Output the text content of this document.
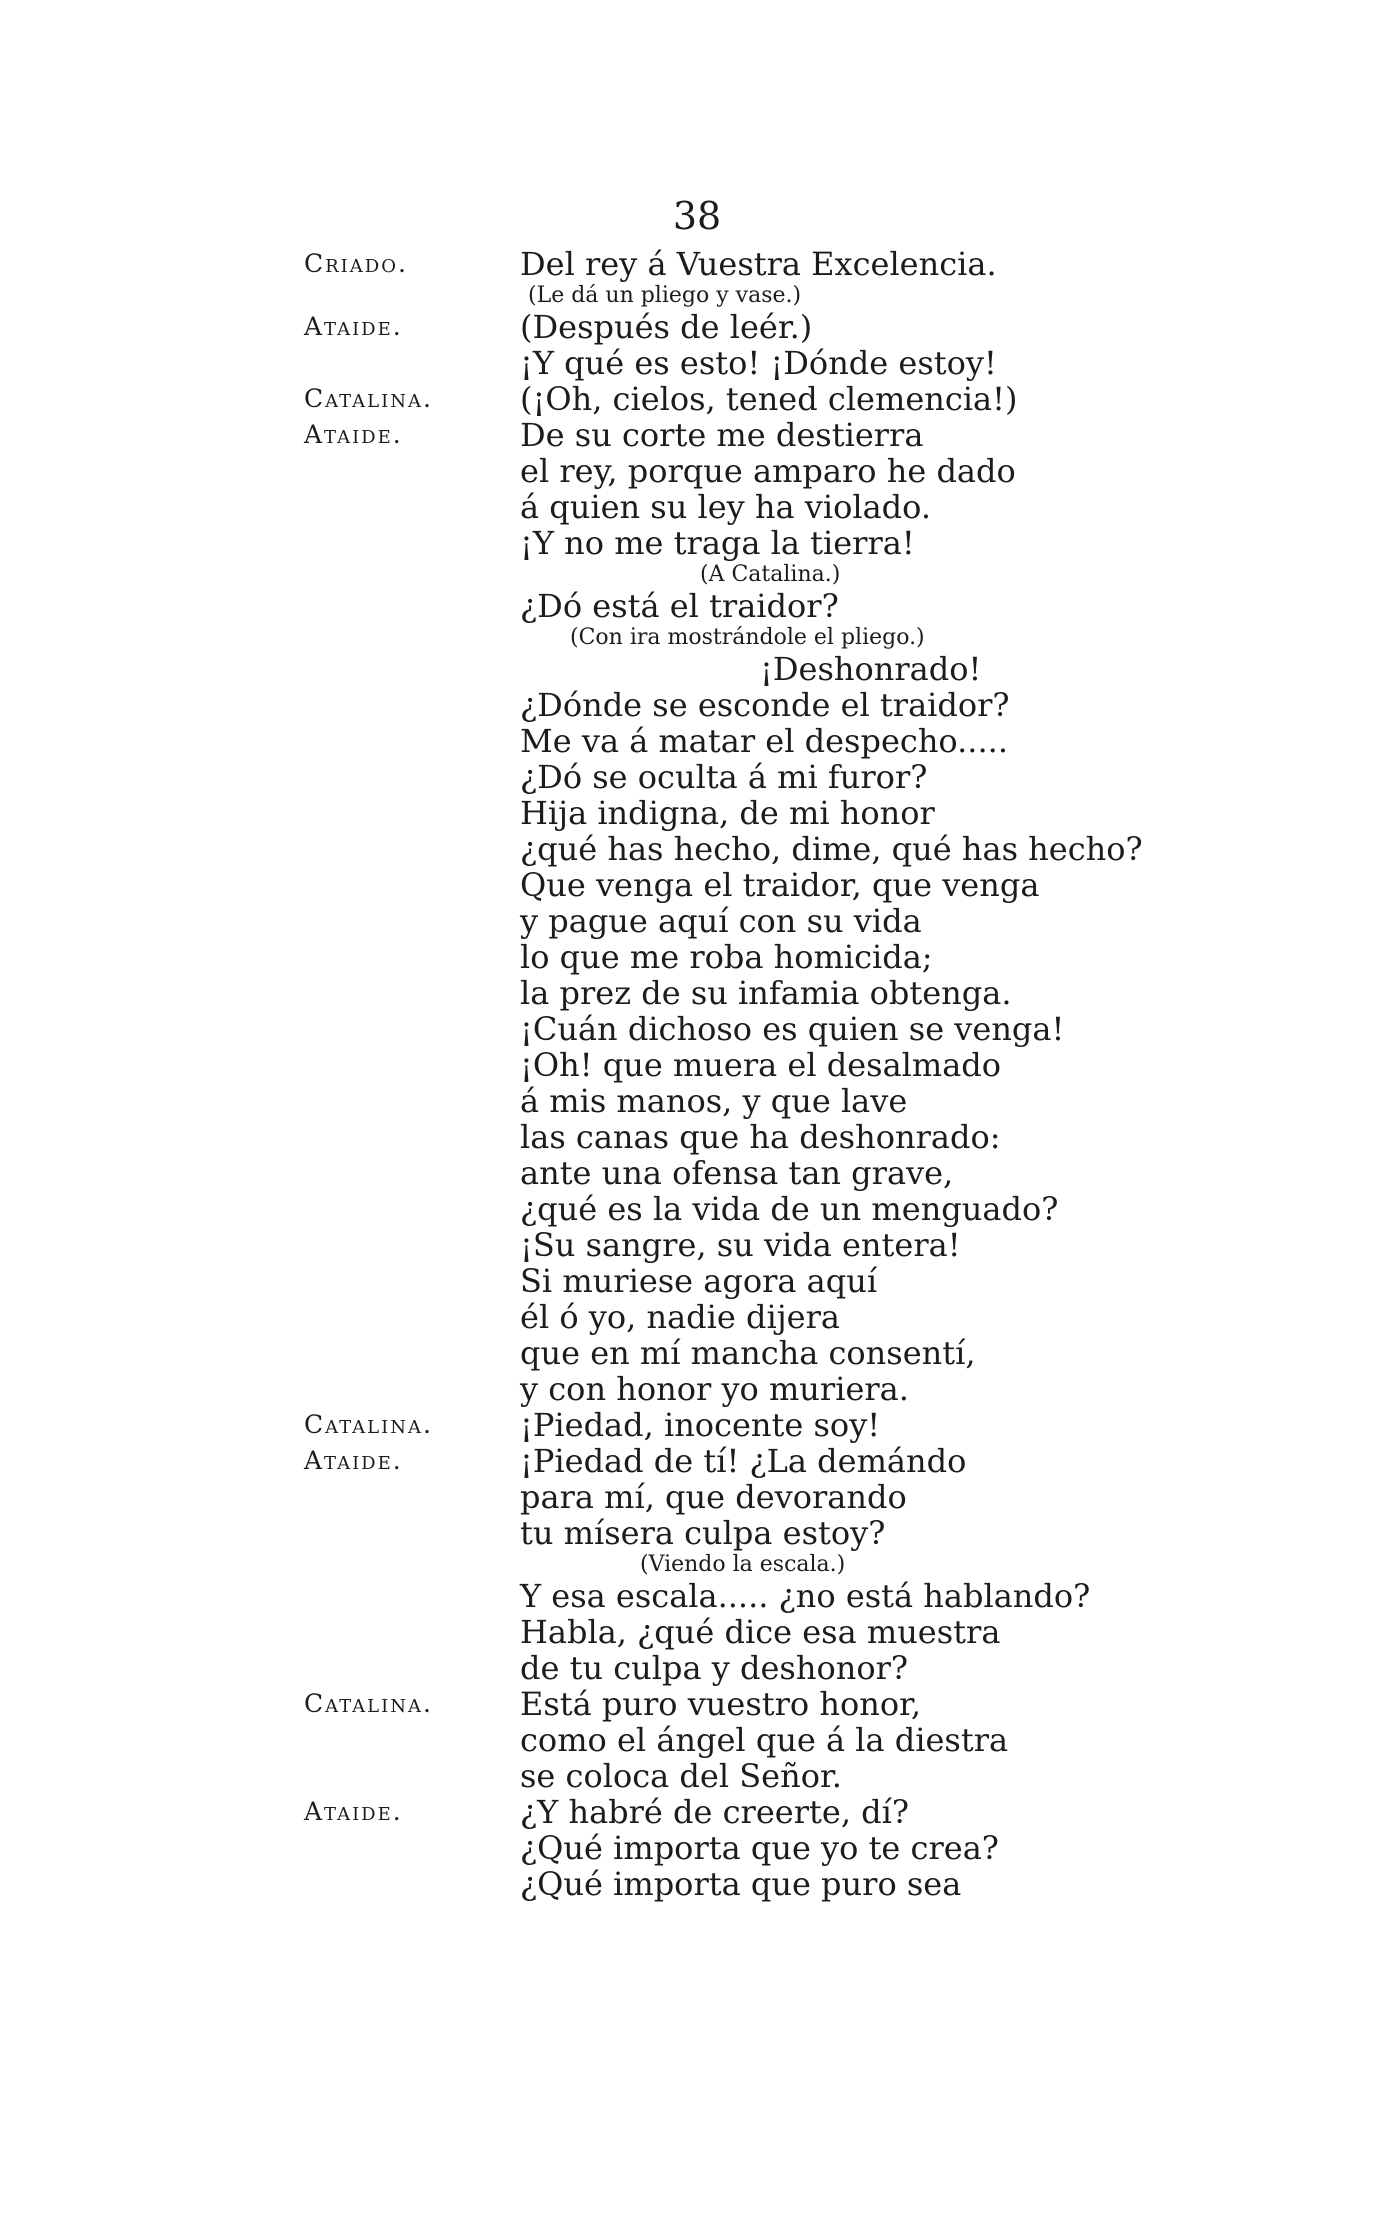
38
Criado.	Del rey á Vuestra Excelencia.
(Le dá un pliego y vase.)
Ataide.	(Después de leér.)
¡Y qué es esto! ¡Dónde estoy!
Catalina.	(¡Oh, cielos, tened clemencia!)
Ataide.	De su corte me destierra
el rey, porque amparo he dado
á quien su ley ha violado.
¡Y no me traga la tierra!
(A Catalina.)
¿Dó está el traidor?
(Con ira mostrándole el pliego.)
¡Deshonrado!
¿Dónde se esconde el traidor?
Me va á matar el despecho.....
¿Dó se oculta á mi furor?
Hija indigna, de mi honor
¿qué has hecho, dime, qué has hecho?
Que venga el traidor, que venga
y pague aquí con su vida
lo que me roba homicida;
la prez de su infamia obtenga.
¡Cuán dichoso es quien se venga!
¡Oh! que muera el desalmado
á mis manos, y que lave
las canas que ha deshonrado:
ante una ofensa tan grave,
¿qué es la vida de un menguado?
¡Su sangre, su vida entera!
Si muriese agora aquí
él ó yo, nadie dijera
que en mí mancha consentí,
y con honor yo muriera.
Catalina.	¡Piedad, inocente soy!
Ataide.	¡Piedad de tí! ¿La demándo
para mí, que devorando
tu mísera culpa estoy?
(Viendo la escala.)
Y esa escala..... ¿no está hablando?
Habla, ¿qué dice esa muestra
de tu culpa y deshonor?
Catalina.	Está puro vuestro honor,
como el ángel que á la diestra
se coloca del Señor.
Ataide.	¿Y habré de creerte, dí?
¿Qué importa que yo te crea?
¿Qué importa que puro sea
